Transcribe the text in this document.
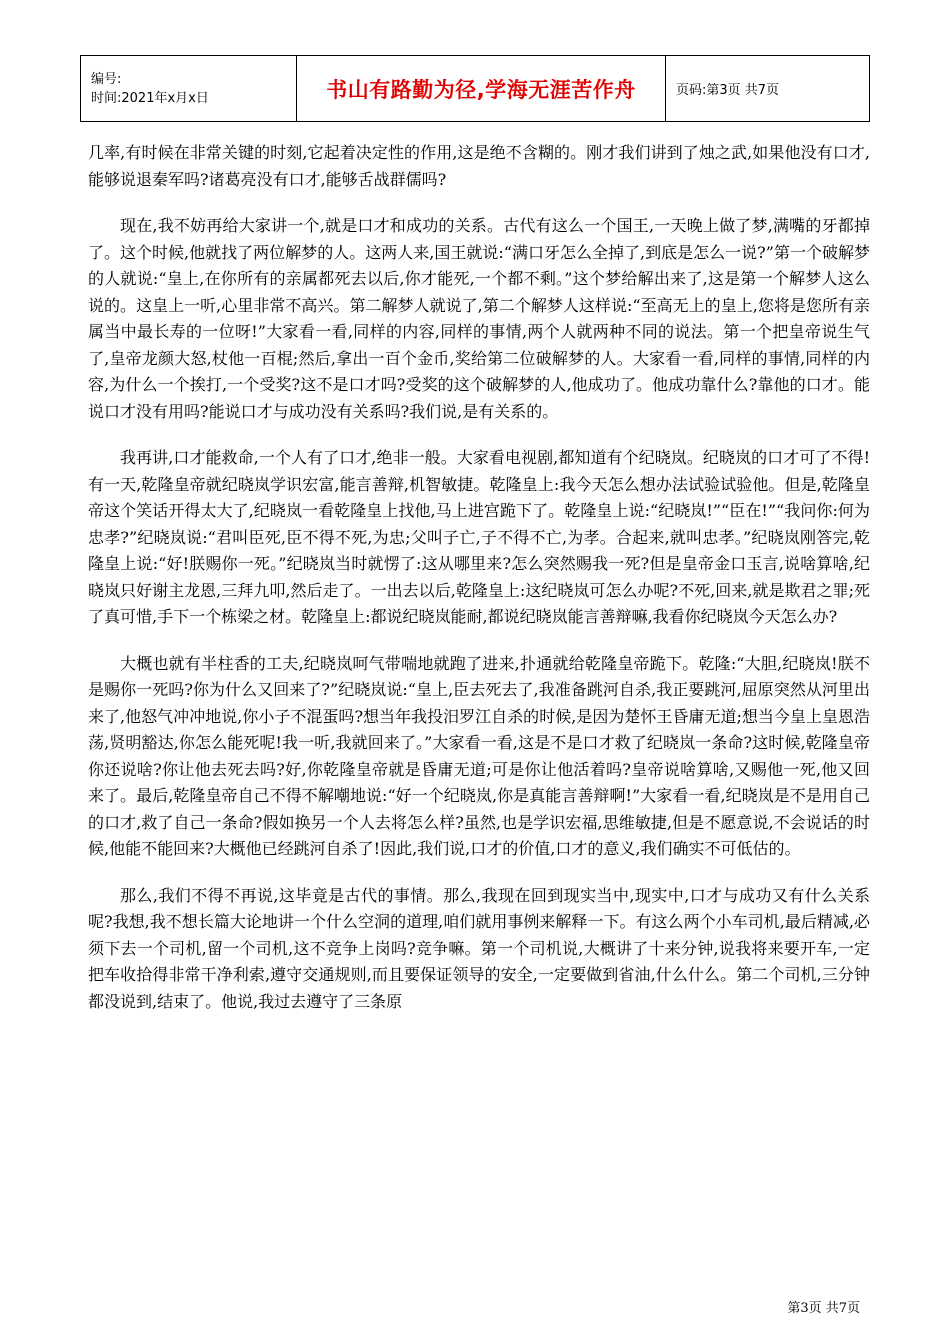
编号:
时间:2021年x月x日	书山有路勤为径,学海无涯苦作舟	页码:第3页 共7页

几率,有时候在非常关键的时刻,它起着决定性的作用,这是绝不含糊的。刚才我们讲到了烛之武,如果他没有口才,能够说退秦军吗?诸葛亮没有口才,能够舌战群儒吗?

现在,我不妨再给大家讲一个,就是口才和成功的关系。古代有这么一个国王,一天晚上做了梦,满嘴的牙都掉了。这个时候,他就找了两位解梦的人。这两人来,国王就说:“满口牙怎么全掉了,到底是怎么一说?”第一个破解梦的人就说:“皇上,在你所有的亲属都死去以后,你才能死,一个都不剩。”这个梦给解出来了,这是第一个解梦人这么说的。这皇上一听,心里非常不高兴。第二解梦人就说了,第二个解梦人这样说:“至高无上的皇上,您将是您所有亲属当中最长寿的一位呀!”大家看一看,同样的内容,同样的事情,两个人就两种不同的说法。第一个把皇帝说生气了,皇帝龙颜大怒,杖他一百棍;然后,拿出一百个金币,奖给第二位破解梦的人。大家看一看,同样的事情,同样的内容,为什么一个挨打,一个受奖?这不是口才吗?受奖的这个破解梦的人,他成功了。他成功靠什么?靠他的口才。能说口才没有用吗?能说口才与成功没有关系吗?我们说,是有关系的。

我再讲,口才能救命,一个人有了口才,绝非一般。大家看电视剧,都知道有个纪晓岚。纪晓岚的口才可了不得!有一天,乾隆皇帝就纪晓岚学识宏富,能言善辩,机智敏捷。乾隆皇上:我今天怎么想办法试验试验他。但是,乾隆皇帝这个笑话开得太大了,纪晓岚一看乾隆皇上找他,马上进宫跪下了。乾隆皇上说:“纪晓岚!”“臣在!”“我问你:何为忠孝?”纪晓岚说:“君叫臣死,臣不得不死,为忠;父叫子亡,子不得不亡,为孝。合起来,就叫忠孝。”纪晓岚刚答完,乾隆皇上说:“好!朕赐你一死。”纪晓岚当时就愣了:这从哪里来?怎么突然赐我一死?但是皇帝金口玉言,说啥算啥,纪晓岚只好谢主龙恩,三拜九叩,然后走了。一出去以后,乾隆皇上:这纪晓岚可怎么办呢?不死,回来,就是欺君之罪;死了真可惜,手下一个栋梁之材。乾隆皇上:都说纪晓岚能耐,都说纪晓岚能言善辩嘛,我看你纪晓岚今天怎么办?

大概也就有半柱香的工夫,纪晓岚呵气带喘地就跑了进来,扑通就给乾隆皇帝跪下。乾隆:“大胆,纪晓岚!朕不是赐你一死吗?你为什么又回来了?”纪晓岚说:“皇上,臣去死去了,我准备跳河自杀,我正要跳河,屈原突然从河里出来了,他怒气冲冲地说,你小子不混蛋吗?想当年我投汨罗江自杀的时候,是因为楚怀王昏庸无道;想当今皇上皇恩浩荡,贤明豁达,你怎么能死呢!我一听,我就回来了。”大家看一看,这是不是口才救了纪晓岚一条命?这时候,乾隆皇帝你还说啥?你让他去死去吗?好,你乾隆皇帝就是昏庸无道;可是你让他活着吗?皇帝说啥算啥,又赐他一死,他又回来了。最后,乾隆皇帝自己不得不解嘲地说:“好一个纪晓岚,你是真能言善辩啊!”大家看一看,纪晓岚是不是用自己的口才,救了自己一条命?假如换另一个人去将怎么样?虽然,也是学识宏福,思维敏捷,但是不愿意说,不会说话的时候,他能不能回来?大概他已经跳河自杀了!因此,我们说,口才的价值,口才的意义,我们确实不可低估的。

那么,我们不得不再说,这毕竟是古代的事情。那么,我现在回到现实当中,现实中,口才与成功又有什么关系呢?我想,我不想长篇大论地讲一个什么空洞的道理,咱们就用事例来解释一下。有这么两个小车司机,最后精减,必须下去一个司机,留一个司机,这不竞争上岗吗?竞争嘛。第一个司机说,大概讲了十来分钟,说我将来要开车,一定把车收拾得非常干净利索,遵守交通规则,而且要保证领导的安全,一定要做到省油,什么什么。第二个司机,三分钟都没说到,结束了。他说,我过去遵守了三条原

第3页 共7页
